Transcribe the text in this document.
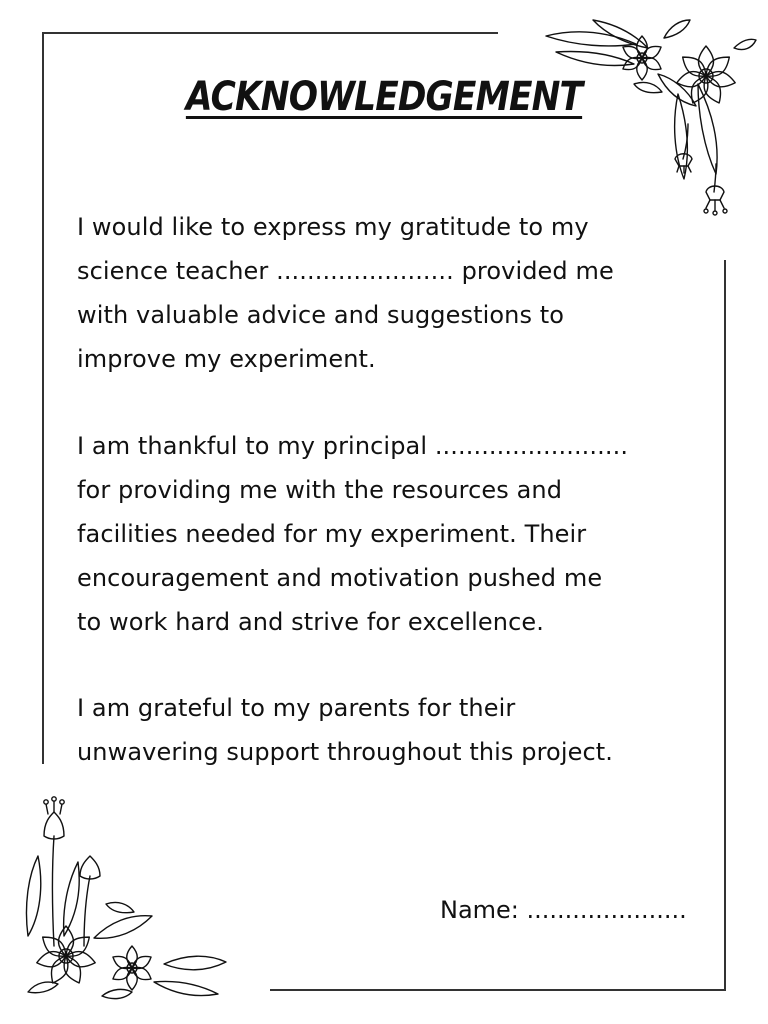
ACKNOWLEDGEMENT

I would like to express my gratitude to my
science teacher ....................... provided me
with valuable advice and suggestions to
improve my experiment.

I am thankful to my principal .........................
for providing me with the resources and
facilities needed for my experiment. Their
encouragement and motivation pushed me
to work hard and strive for excellence.

I am grateful to my parents for their
unwavering support throughout this project.

Name: .....................
